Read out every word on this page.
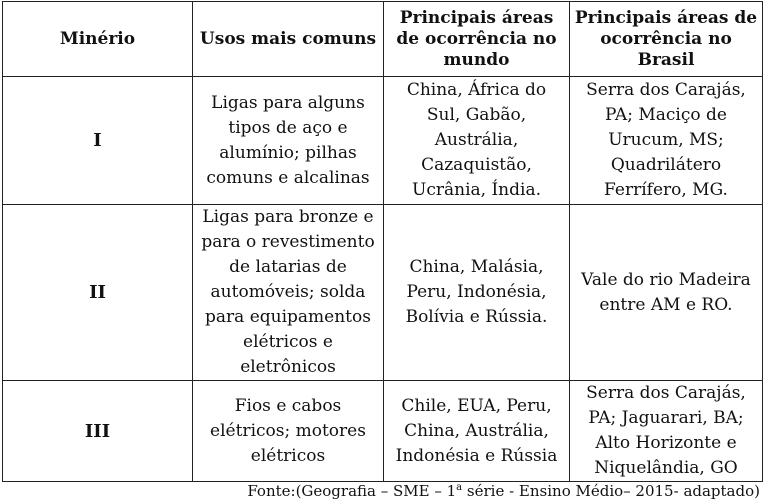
Minério	Usos mais comuns	Principais áreas de ocorrência no mundo	Principais áreas de ocorrência no Brasil
I	Ligas para alguns tipos de aço e alumínio; pilhas comuns e alcalinas	China, África do Sul, Gabão, Austrália, Cazaquistão, Ucrânia, Índia.	Serra dos Carajás, PA; Maciço de Urucum, MS; Quadrilátero Ferrífero, MG.
II	Ligas para bronze e para o revestimento de latarias de automóveis; solda para equipamentos elétricos e eletrônicos	China, Malásia, Peru, Indonésia, Bolívia e Rússia.	Vale do rio Madeira entre AM e RO.
III	Fios e cabos elétricos; motores elétricos	Chile, EUA, Peru, China, Austrália, Indonésia e Rússia	Serra dos Carajás, PA; Jaguarari, BA; Alto Horizonte e Niquelândia, GO
Fonte:(Geografia – SME – 1$^a$ série - Ensino Médio– 2015- adaptado)
